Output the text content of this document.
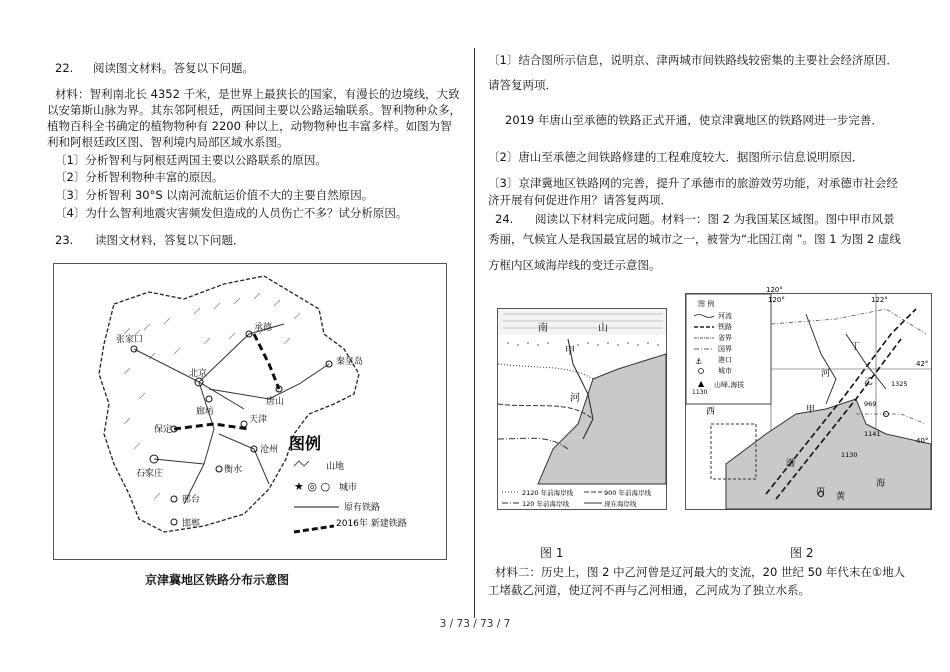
22. 阅读图文材料。答复以下问题。
材料：智利南北长 4352 千米，是世界上最狭长的国家，有漫长的边境线，大致
以安第斯山脉为界。其东邻阿根廷，两国间主要以公路运输联系。智利物种众多，
植物百科全书确定的植物物种有 2200 种以上，动物物种也丰富多样。如图为智
利和阿根廷政区图、智利境内局部区域水系图。
〔1〕分析智利与阿根廷两国主要以公路联系的原因。
〔2〕分析智利物种丰富的原因。
〔3〕分析智利 30°S 以南河流航运价值不大的主要自然原因。
〔4〕为什么智利地震灾害频发但造成的人员伤亡不多？试分析原因。
23. 读图文材料，答复以下问题．
张家口
承德
秦皇岛
唐山
北京
廊坊
天津
保定
石家庄
沧州
衡水
邢台
邯郸
图例
山地
★ ◎ ○ 城市
原有铁路
2016年 新建铁路
京津冀地区铁路分布示意图
〔1〕结合图所示信息，说明京、津两城市间铁路线较密集的主要社会经济原因．
请答复两项．
2019 年唐山至承德的铁路正式开通，使京津冀地区的铁路网进一步完善．
〔2〕唐山至承德之间铁路修建的工程难度较大．据图所示信息说明原因．
〔3〕京津冀地区铁路网的完善，提升了承德市的旅游效劳功能，对承德市社会经
济开展有何促进作用？请答复两项．
24. 阅读以下材料完成问题。材料一：图 2 为我国某区域图。图中甲市风景
秀丽，气候宜人是我国最宜居的城市之一，被誉为“北国江南 ”。图 1 为图 2 虚线
方框内区域海岸线的变迁示意图。
南	山
甲
河
2120 年前海岸线	900 年前海岸线
120 年前海岸线	现在海岸线
图 例
河流
铁路
省界
国界
港口
城市
山峰,海拔
1130
⚓
▲
120°
120°	122°
42°
40°
河
乙
甲
西
渤
海
黄
丁
丙
1325
969
1141
1130
图 1	图 2
材料二：历史上，图 2 中乙河曾是辽河最大的支流，20 世纪 50 年代末在①地人
工堵截乙河道，使辽河不再与乙河相通，乙河成为了独立水系。
3 / 73 / 73 / 7
